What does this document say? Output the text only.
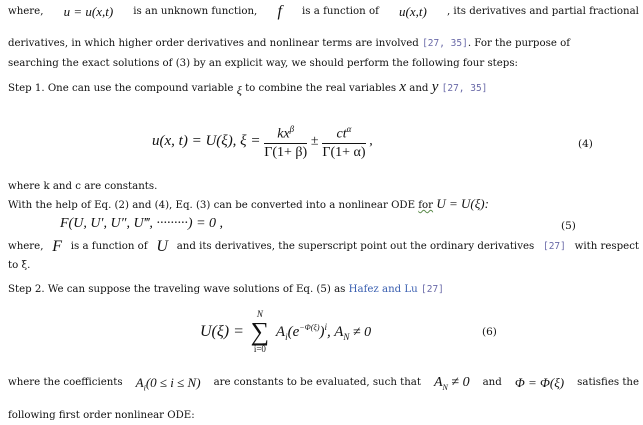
where, u = u(x,t) is an unknown function, f is a function of u(x,t) , its derivatives and partial fractional
derivatives, in which higher order derivatives and nonlinear terms are involved [27, 35]. For the purpose of
searching the exact solutions of (3) by an explicit way, we should perform the following four steps:
Step 1. One can use the compound variable ξ to combine the real variables x and y [27, 35]
u(x, t) = U(ξ), $\xi = \frac{kx^\beta}{\Gamma(1+ \beta)} \pm \frac{ct^\alpha}{\Gamma(1+ \alpha)}$ ,	(4)
where k and c are constants.
With the help of Eq. (2) and (4), Eq. (3) can be converted into a nonlinear ODE for U = U(ξ):
F(U, U′, U″, U‴, ·········) = 0 ,	(5)
where, F is a function of U and its derivatives, the superscript point out the ordinary derivatives [27] with respect
to ξ.
Step 2. We can suppose the traveling wave solutions of Eq. (5) as Hafez and Lu [27]
U(ξ) =
N
∑
i=0
$A_i(e^{-\Phi(\xi)})^i$, $A_N \ne 0$	(6)
where the coefficients $A_i(0 \le i \le N)$ are constants to be evaluated, such that $A_N \ne 0$ and Φ = Φ(ξ) satisfies the
following first order nonlinear ODE:
